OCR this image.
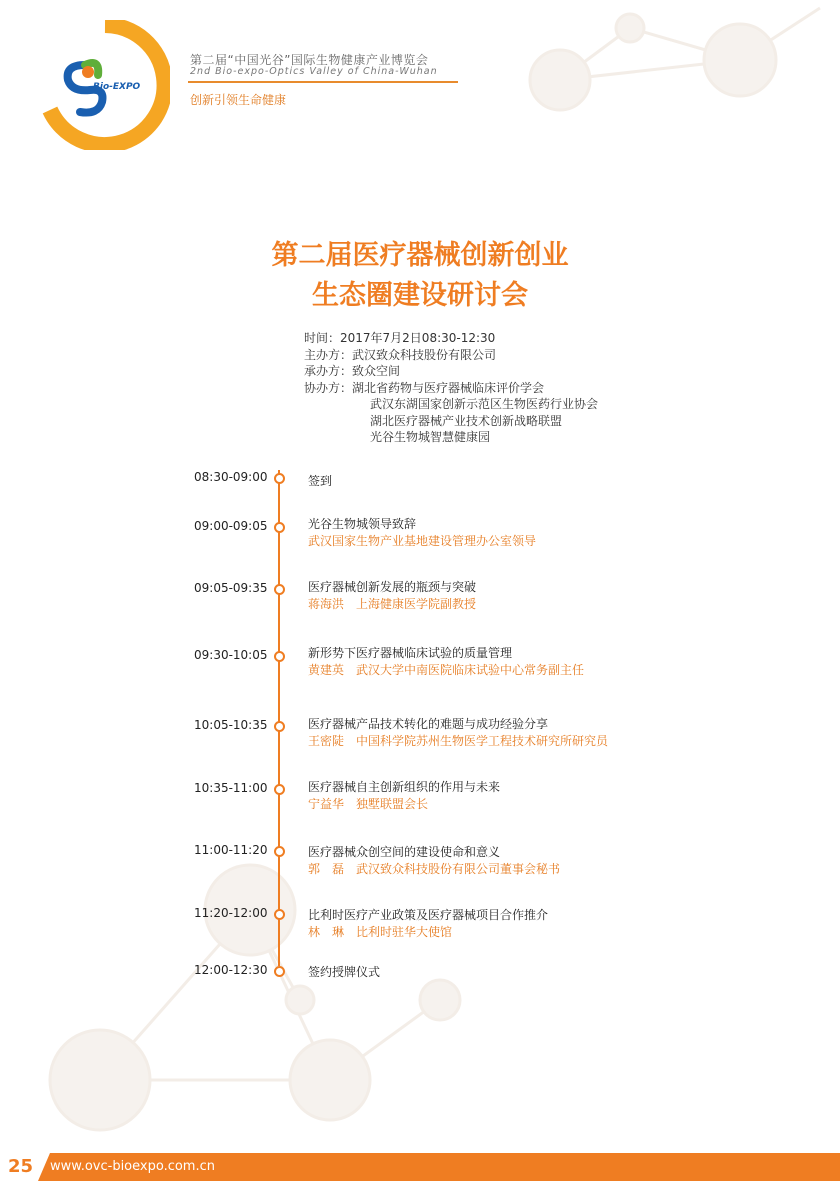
Bio-EXPO
第二届“中国光谷”国际生物健康产业博览会
2nd Bio-expo-Optics Valley of China-Wuhan
创新引领生命健康
第二届医疗器械创新创业
生态圈建设研讨会
时间：2017年7月2日08:30-12:30
主办方：武汉致众科技股份有限公司
承办方：致众空间
协办方：湖北省药物与医疗器械临床评价学会
武汉东湖国家创新示范区生物医药行业协会
湖北医疗器械产业技术创新战略联盟
光谷生物城智慧健康园
08:30-09:00	签到
09:00-09:05	光谷生物城领导致辞
武汉国家生物产业基地建设管理办公室领导
09:05-09:35	医疗器械创新发展的瓶颈与突破
蒋海洪　上海健康医学院副教授
09:30-10:05	新形势下医疗器械临床试验的质量管理
黄建英　武汉大学中南医院临床试验中心常务副主任
10:05-10:35	医疗器械产品技术转化的难题与成功经验分享
王密陡　中国科学院苏州生物医学工程技术研究所研究员
10:35-11:00	医疗器械自主创新组织的作用与未来
宁益华　独墅联盟会长
11:00-11:20	医疗器械众创空间的建设使命和意义
郭　磊　武汉致众科技股份有限公司董事会秘书
11:20-12:00	比利时医疗产业政策及医疗器械项目合作推介
林　琳　比利时驻华大使馆
12:00-12:30	签约授牌仪式
25 www.ovc-bioexpo.com.cn
